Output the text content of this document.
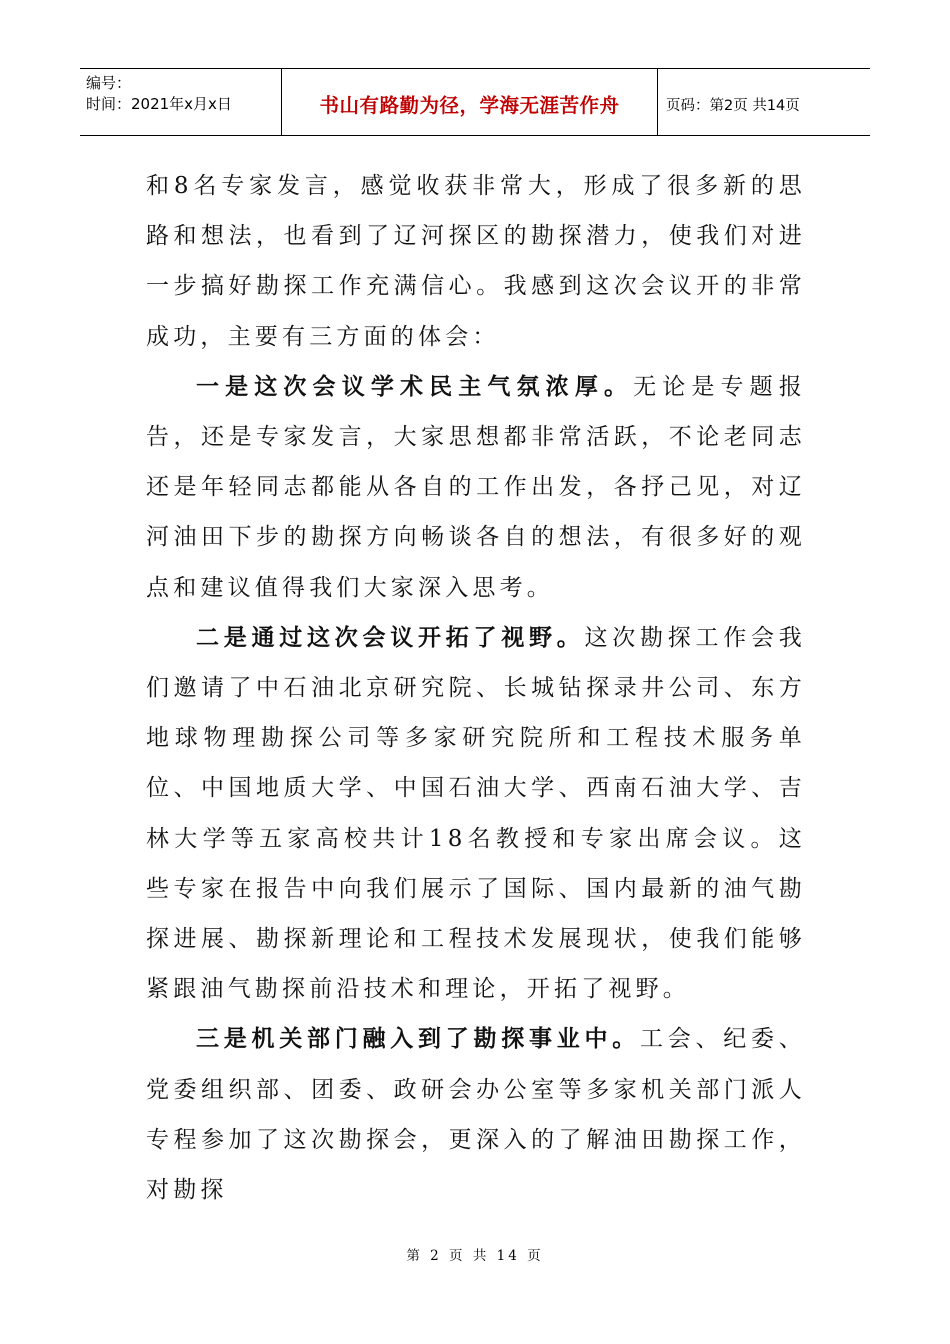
编号：
时间：2021年x月x日	书山有路勤为径，学海无涯苦作舟	页码：第2页 共14页

和8名专家发言，感觉收获非常大，形成了很多新的思路和想法，也看到了辽河探区的勘探潜力，使我们对进一步搞好勘探工作充满信心。我感到这次会议开的非常成功，主要有三方面的体会：

一是这次会议学术民主气氛浓厚。无论是专题报告，还是专家发言，大家思想都非常活跃，不论老同志还是年轻同志都能从各自的工作出发，各抒己见，对辽河油田下步的勘探方向畅谈各自的想法，有很多好的观点和建议值得我们大家深入思考。

二是通过这次会议开拓了视野。这次勘探工作会我们邀请了中石油北京研究院、长城钻探录井公司、东方地球物理勘探公司等多家研究院所和工程技术服务单位、中国地质大学、中国石油大学、西南石油大学、吉林大学等五家高校共计18名教授和专家出席会议。这些专家在报告中向我们展示了国际、国内最新的油气勘探进展、勘探新理论和工程技术发展现状，使我们能够紧跟油气勘探前沿技术和理论，开拓了视野。

三是机关部门融入到了勘探事业中。工会、纪委、党委组织部、团委、政研会办公室等多家机关部门派人专程参加了这次勘探会，更深入的了解油田勘探工作，对勘探

第 2 页 共 14 页
